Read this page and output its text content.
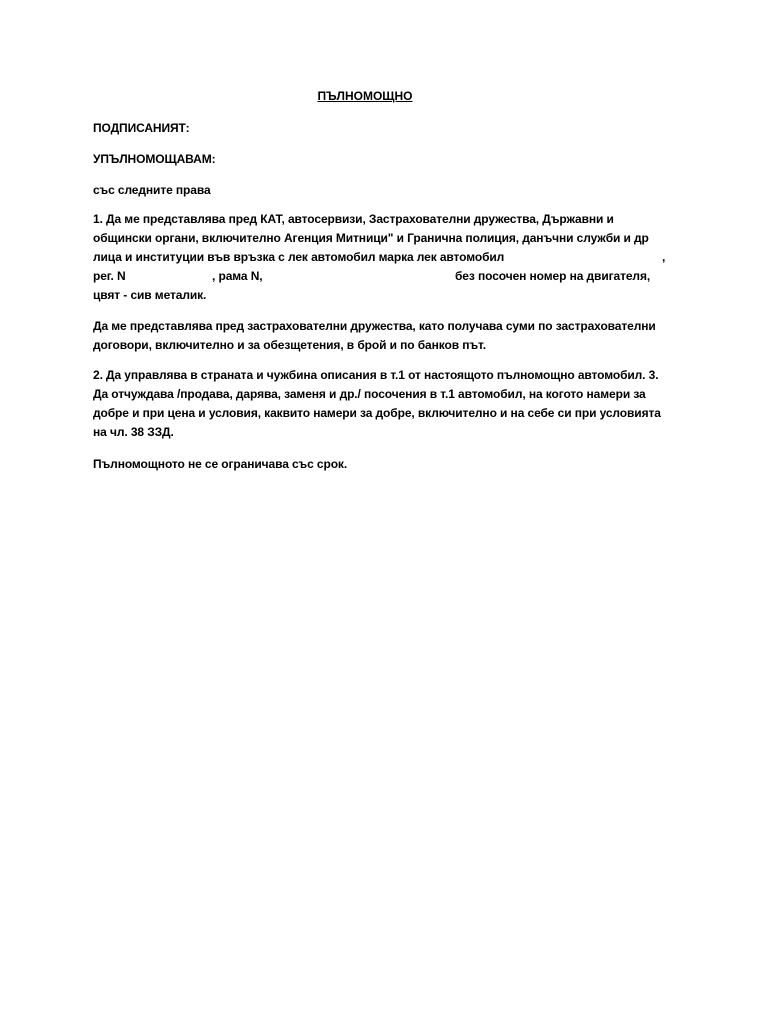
ПЪЛНОМОЩНО
ПОДПИСАНИЯТ:
УПЪЛНОМОЩАВАМ:
със следните права
1. Да ме представлява пред КАТ, автосервизи, Застрахователни дружества, Държавни и
общински органи, включително Агенция Митници" и Гранична полиция, данъчни служби и др
лица и институции във връзка с лек автомобил марка лек автомобил	,
рег. N	, рама N,	без посочен номер на двигателя,
цвят - сив металик.
Да ме представлява пред застрахователни дружества, като получава суми по застрахователни
договори, включително и за обезщетения, в брой и по банков път.
2. Да управлява в страната и чужбина описания в т.1 от настоящото пълномощно автомобил. 3.
Да отчуждава /продава, дарява, заменя и др./ посочения в т.1 автомобил, на когото намери за
добре и при цена и условия, каквито намери за добре, включително и на себе си при условията
на чл. 38 ЗЗД.
Пълномощното не се ограничава със срок.
